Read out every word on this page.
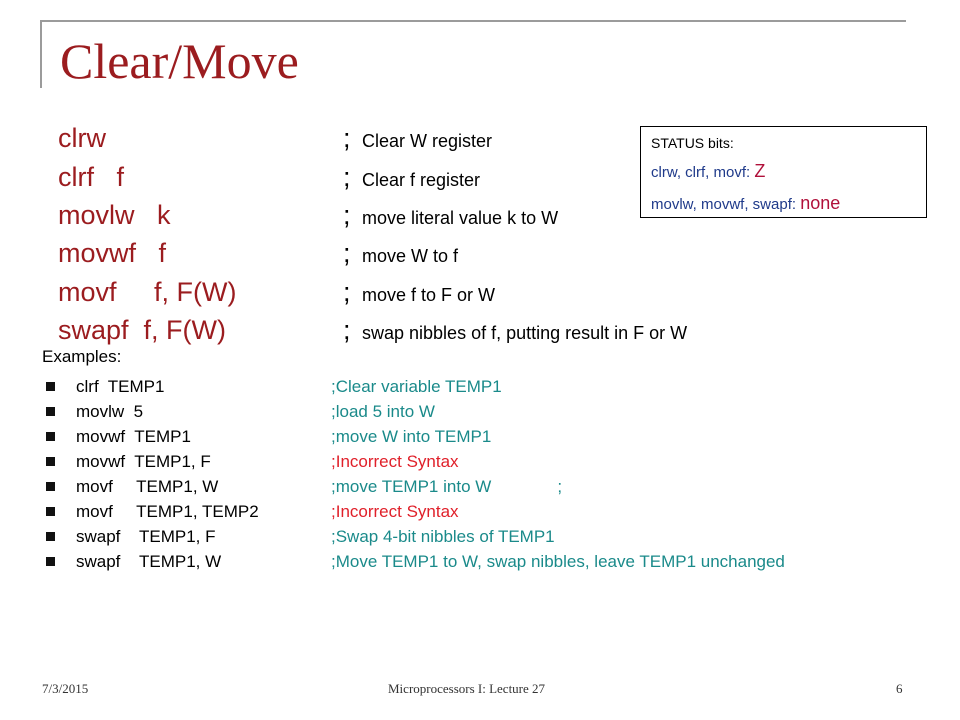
Clear/Move
clrw	; Clear W register
clrf   f	; Clear f register
movlw   k	; move literal value k to W
movwf   f	; move W to f
movf     f, F(W)	; move f to F or W
swapf  f, F(W)	; swap nibbles of f, putting result in F or W
STATUS bits:
clrw, clrf, movf: Z
movlw, movwf, swapf: none
Examples:
clrf  TEMP1	;Clear variable TEMP1
movlw  5	;load 5 into W
movwf  TEMP1	;move W into TEMP1
movwf  TEMP1, F	;Incorrect Syntax
movf     TEMP1, W	;move TEMP1 into W              ;
movf     TEMP1, TEMP2	;Incorrect Syntax
swapf    TEMP1, F	;Swap 4-bit nibbles of TEMP1
swapf    TEMP1, W	;Move TEMP1 to W, swap nibbles, leave TEMP1 unchanged
7/3/2015	Microprocessors I: Lecture 27	6
